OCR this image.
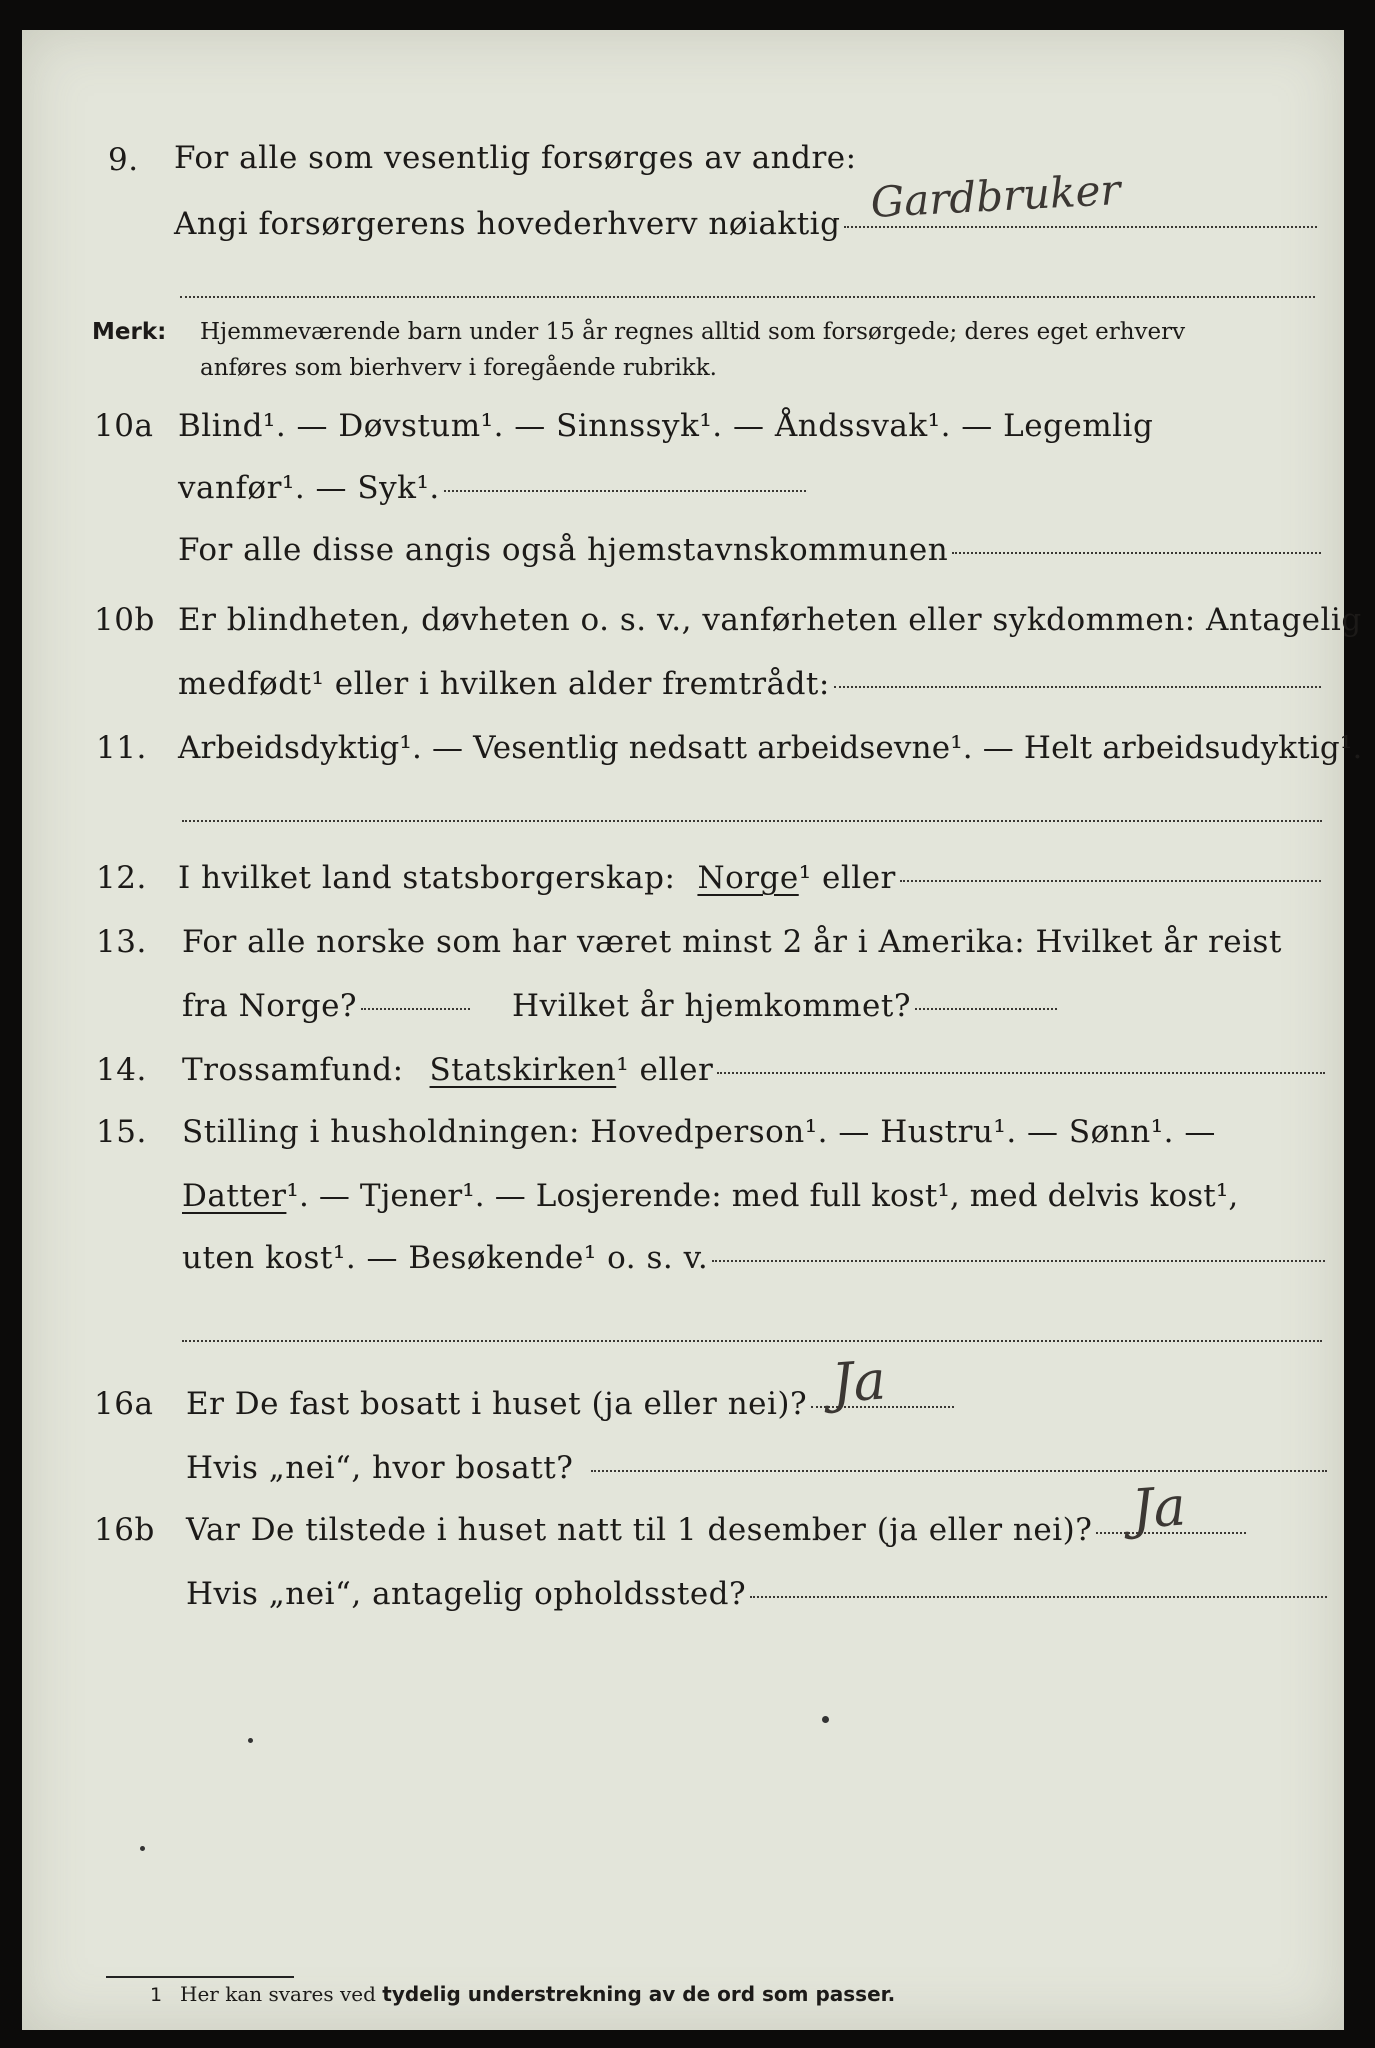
9. For alle som vesentlig forsørges av andre:
Angi forsørgerens hovederhverv nøiaktig Gardbruker
Merk: Hjemmeværende barn under 15 år regnes alltid som forsørgede; deres eget erhverv
anføres som bierhverv i foregående rubrikk.
10a Blind¹. — Døvstum¹. — Sinnssyk¹. — Åndssvak¹. — Legemlig
vanfør¹. — Syk¹.
For alle disse angis også hjemstavnskommunen
10b Er blindheten, døvheten o. s. v., vanførheten eller sykdommen: Antagelig
medfødt¹ eller i hvilken alder fremtrådt:
11. Arbeidsdyktig¹. — Vesentlig nedsatt arbeidsevne¹. — Helt arbeidsudyktig¹.
12. I hvilket land statsborgerskap: Norge ¹ eller
13. For alle norske som har været minst 2 år i Amerika: Hvilket år reist
fra Norge?	Hvilket år hjemkommet?
14. Trossamfund: Statskirken ¹ eller
15. Stilling i husholdningen: Hovedperson¹. — Hustru¹. — Sønn¹. —
Datter ¹. — Tjener¹. — Losjerende: med full kost¹, med delvis kost¹,
uten kost¹. — Besøkende¹ o. s. v.
16a Er De fast bosatt i huset (ja eller nei)? Ja
Hvis „nei“, hvor bosatt?
16b Var De tilstede i huset natt til 1 desember (ja eller nei)? Ja
Hvis „nei“, antagelig opholdssted?
1 Her kan svares ved tydelig understrekning av de ord som passer.
